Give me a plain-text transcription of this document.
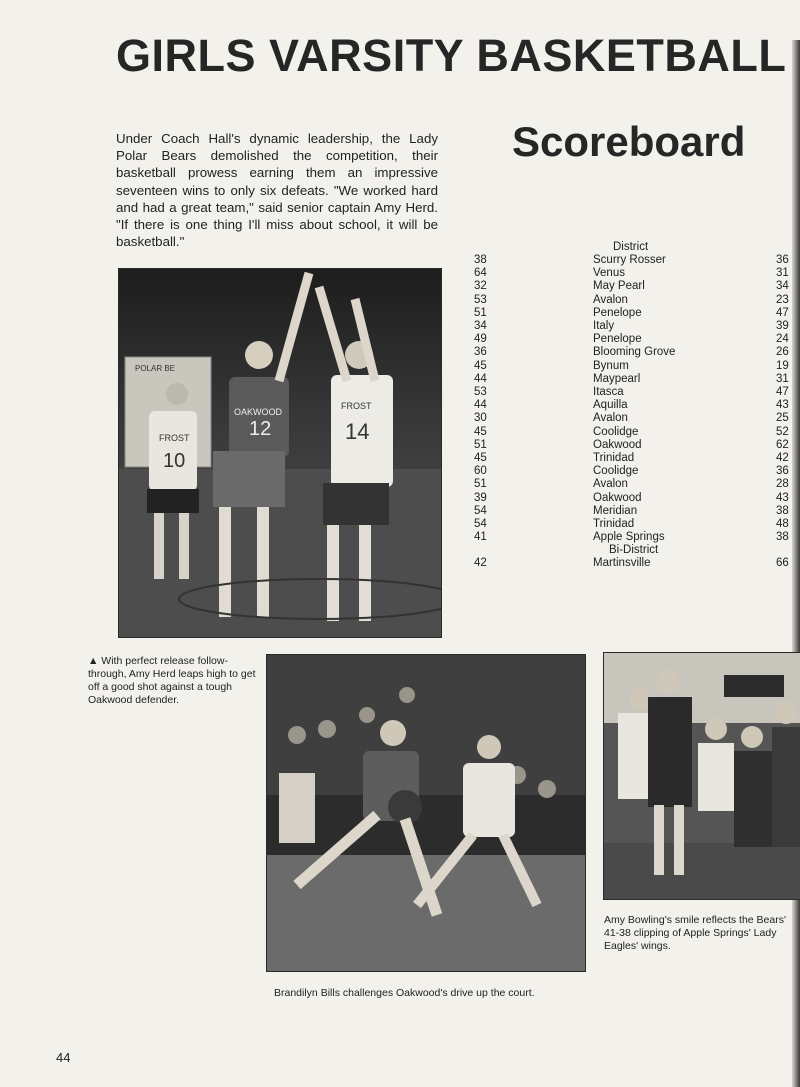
GIRLS VARSITY BASKETBALL

Under Coach Hall's dynamic leadership, the Lady Polar Bears demolished the competition, their basketball prowess earning them an impressive seventeen wins to only six defeats. "We worked hard and had a great team," said senior captain Amy Herd. "If there is one thing I'll miss about school, it will be basketball."

Scoreboard
District
38	Scurry Rosser	36
64	Venus	31
32	May Pearl	34
53	Avalon	23
51	Penelope	47
34	Italy	39
49	Penelope	24
36	Blooming Grove	26
45	Bynum	19
44	Maypearl	31
53	Itasca	47
44	Aquilla	43
30	Avalon	25
45	Coolidge	52
51	Oakwood	62
45	Trinidad	42
60	Coolidge	36
51	Avalon	28
39	Oakwood	43
54	Meridian	38
54	Trinidad	48
41	Apple Springs	38
Bi-District
42	Martinsville	66
POLAR BE
FROST
10
OAKWOOD
12
FROST
14

▲ With perfect release follow-through, Amy Herd leaps high to get off a good shot against a tough Oakwood defender.

Brandilyn Bills challenges Oakwood's drive up the court.

Amy Bowling's smile reflects the Bears' 41-38 clipping of Apple Springs' Lady Eagles' wings.

44
